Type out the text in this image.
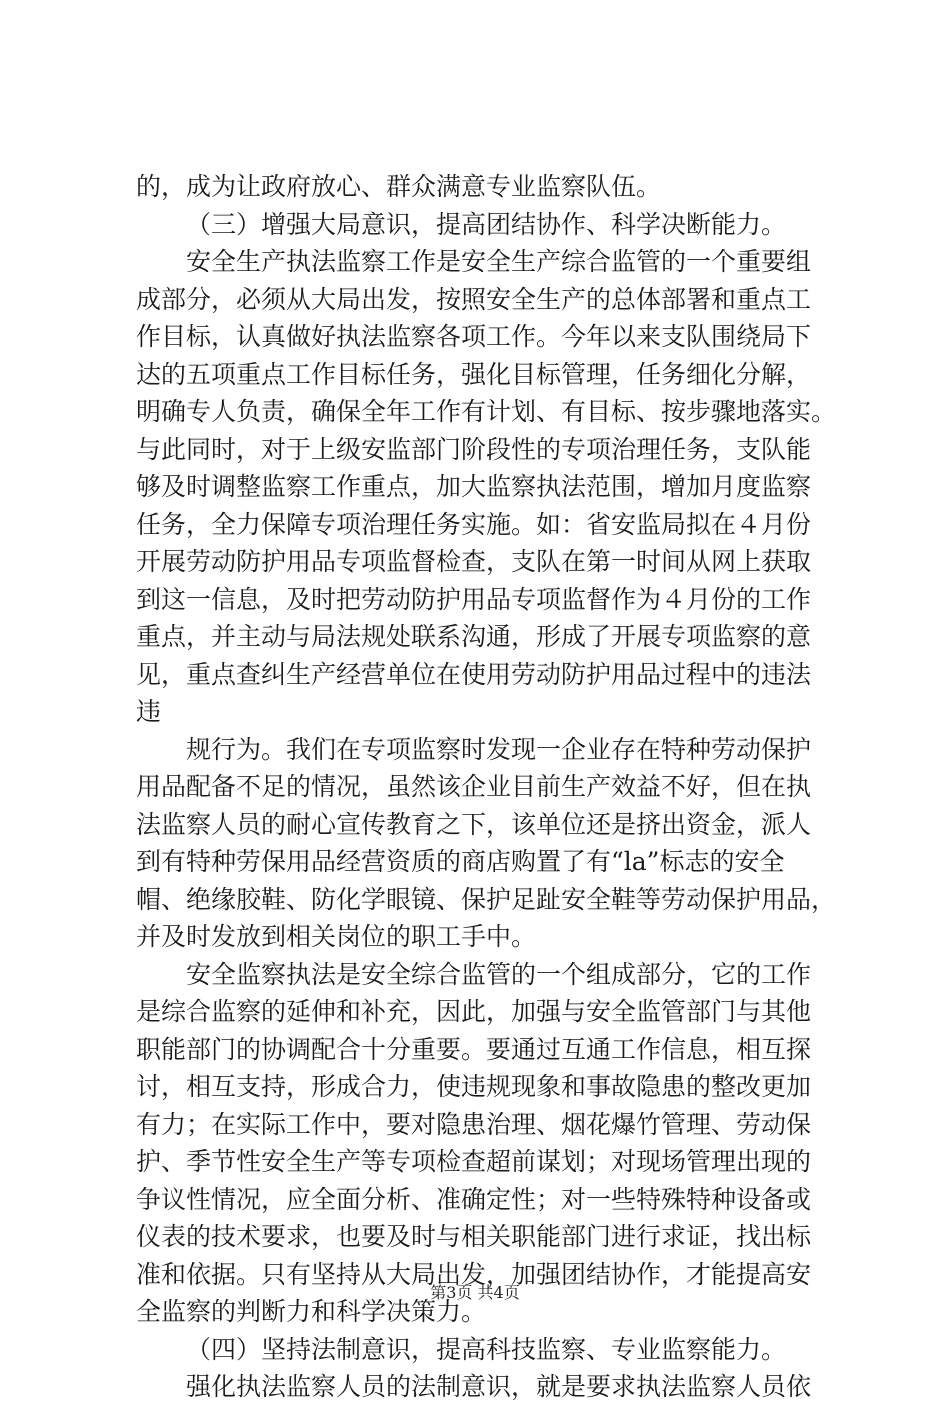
的，成为让政府放心、群众满意专业监察队伍。
（三）增强大局意识，提高团结协作、科学决断能力。
安全生产执法监察工作是安全生产综合监管的一个重要组
成部分，必须从大局出发，按照安全生产的总体部署和重点工
作目标，认真做好执法监察各项工作。今年以来支队围绕局下
达的五项重点工作目标任务，强化目标管理，任务细化分解，
明确专人负责，确保全年工作有计划、有目标、按步骤地落实。
与此同时，对于上级安监部门阶段性的专项治理任务，支队能
够及时调整监察工作重点，加大监察执法范围，增加月度监察
任务，全力保障专项治理任务实施。如：省安监局拟在４月份
开展劳动防护用品专项监督检查，支队在第一时间从网上获取
到这一信息，及时把劳动防护用品专项监督作为４月份的工作
重点，并主动与局法规处联系沟通，形成了开展专项监察的意
见，重点查纠生产经营单位在使用劳动防护用品过程中的违法
违
规行为。我们在专项监察时发现一企业存在特种劳动保护
用品配备不足的情况，虽然该企业目前生产效益不好，但在执
法监察人员的耐心宣传教育之下，该单位还是挤出资金，派人
到有特种劳保用品经营资质的商店购置了有“la”标志的安全
帽、绝缘胶鞋、防化学眼镜、保护足趾安全鞋等劳动保护用品，
并及时发放到相关岗位的职工手中。
安全监察执法是安全综合监管的一个组成部分，它的工作
是综合监察的延伸和补充，因此，加强与安全监管部门与其他
职能部门的协调配合十分重要。要通过互通工作信息，相互探
讨，相互支持，形成合力，使违规现象和事故隐患的整改更加
有力；在实际工作中，要对隐患治理、烟花爆竹管理、劳动保
护、季节性安全生产等专项检查超前谋划；对现场管理出现的
争议性情况，应全面分析、准确定性；对一些特殊特种设备或
仪表的技术要求，也要及时与相关职能部门进行求证，找出标
准和依据。只有坚持从大局出发，加强团结协作，才能提高安
全监察的判断力和科学决策力。
（四）坚持法制意识，提高科技监察、专业监察能力。
强化执法监察人员的法制意识，就是要求执法监察人员依
第3页 共4页
